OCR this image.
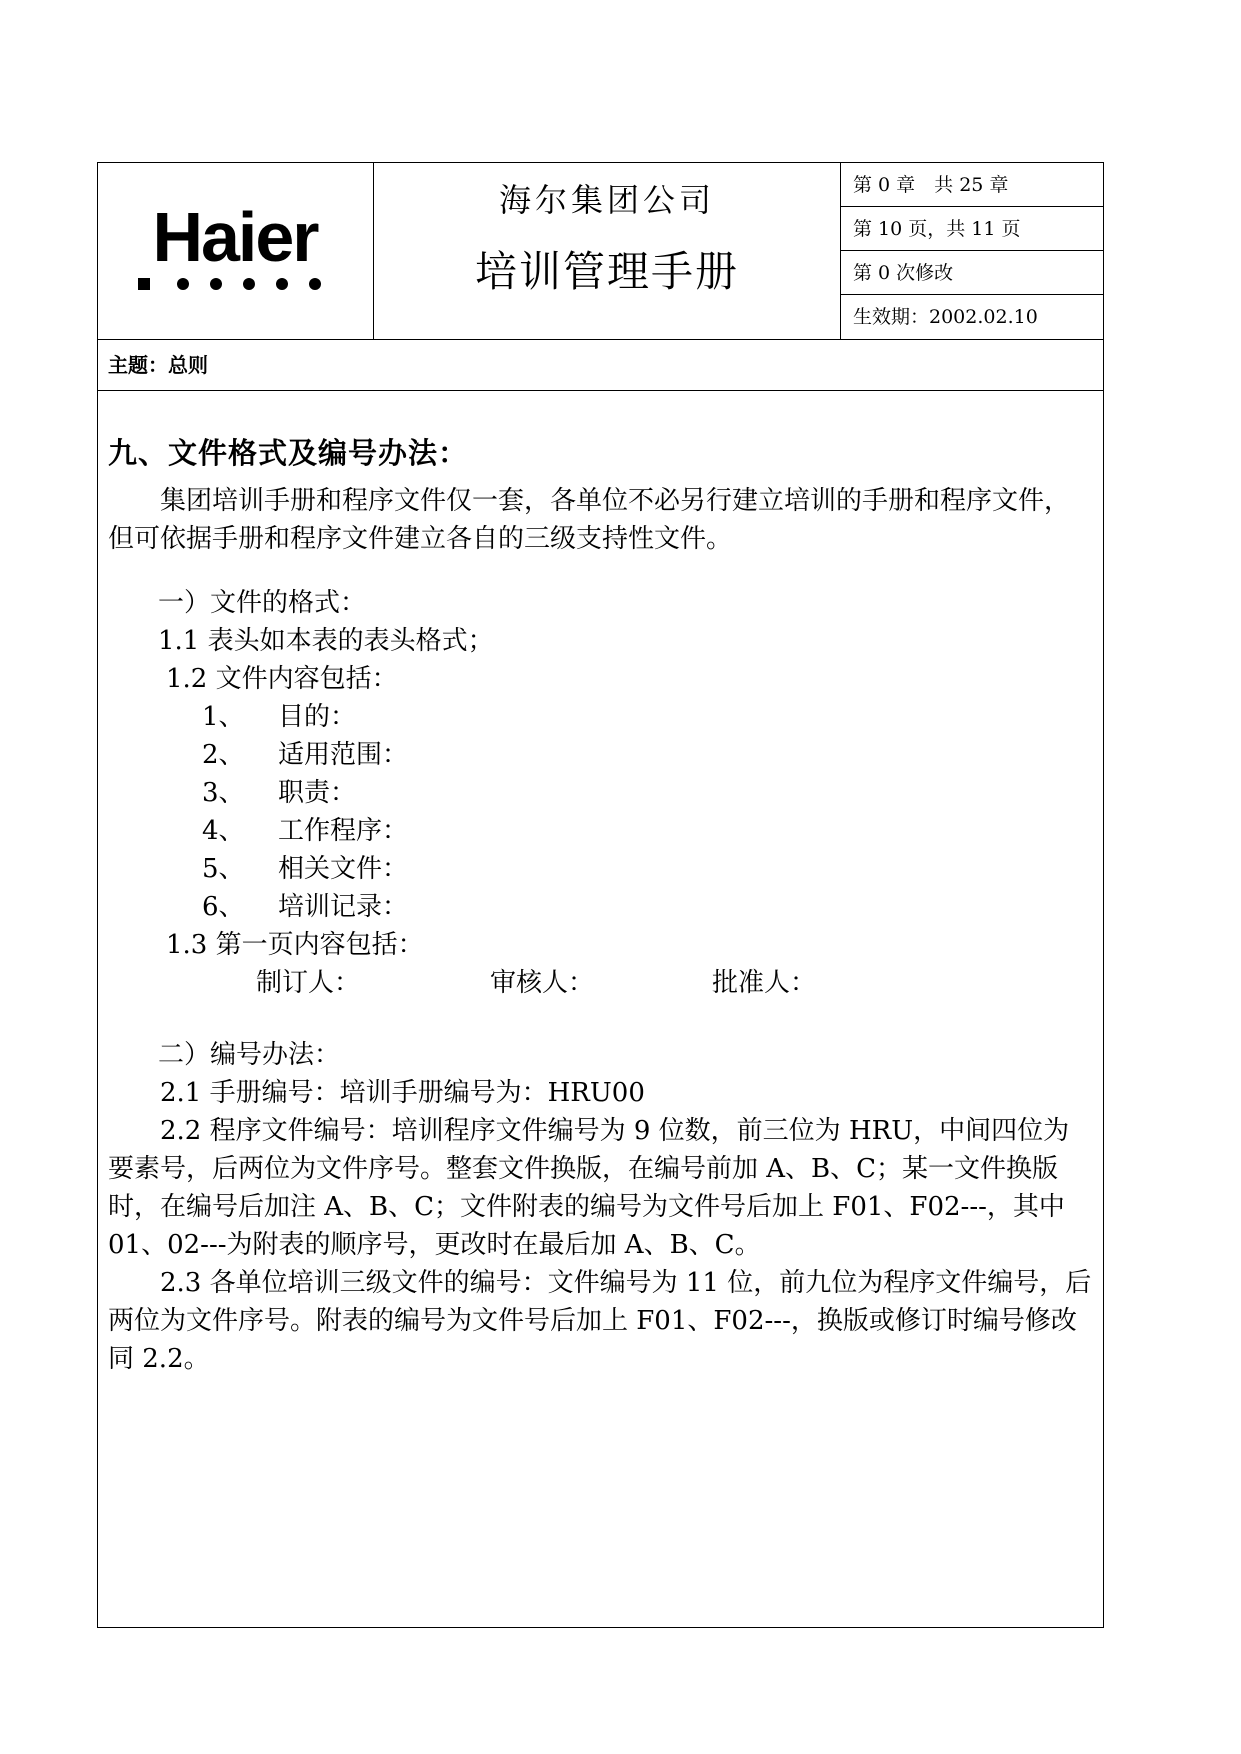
Haier	海尔集团公司
培训管理手册
第 0 章　共 25 章
第 10 页，共 11 页
第 0 次修改
生效期：2002.02.10
主题：总则
九、文件格式及编号办法：
集团培训手册和程序文件仅一套，各单位不必另行建立培训的手册和程序文件，但可依据手册和程序文件建立各自的三级支持性文件。
一）文件的格式：
1.1 表头如本表的表头格式；
1.2 文件内容包括：
1、 目的：
2、 适用范围：
3、 职责：
4、 工作程序：
5、 相关文件：
6、 培训记录：
1.3 第一页内容包括：
制订人：	审核人：	批准人：
二）编号办法：
2.1 手册编号：培训手册编号为：HRU00
2.2 程序文件编号：培训程序文件编号为 9 位数，前三位为 HRU，中间四位为要素号，后两位为文件序号。整套文件换版，在编号前加 A、B、C；某一文件换版时，在编号后加注 A、B、C；文件附表的编号为文件号后加上 F01、F02---，其中 01、02---为附表的顺序号，更改时在最后加 A、B、C。
2.3 各单位培训三级文件的编号：文件编号为 11 位，前九位为程序文件编号，后两位为文件序号。附表的编号为文件号后加上 F01、F02---，换版或修订时编号修改同 2.2。
